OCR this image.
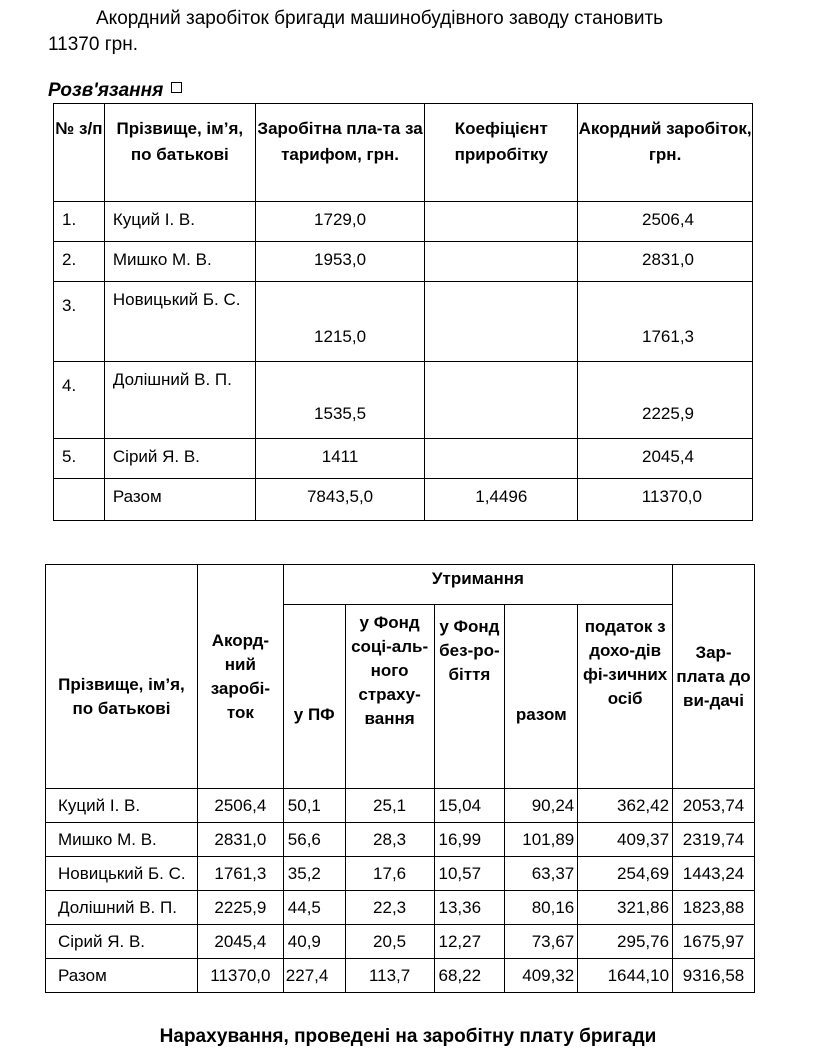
Акордний заробіток бригади машинобудівного заводу становить

11370 грн.

Розв'язання

№ з/п	Прізвище, ім’я, по батькові	Заробітна пла-та за тарифом, грн.	Коефіцієнт приробітку	Акордний заробіток, грн.
1.	Куций І. В.	1729,0		2506,4
2.	Мишко М. В.	1953,0		2831,0
3.	Новицький Б. С.	1215,0		1761,3
4.	Долішний В. П.	1535,5		2225,9
5.	Сірий Я. В.	1411		2045,4
	Разом	7843,5,0	1,4496	11370,0
Прізвище, ім’я, по батькові	Акорд-ний заробі-ток	Утримання					Зар-плата до ви-дачі
		у ПФ	у Фонд соці-аль-ного страху-вання	у Фонд без-ро-біття	разом	податок з дохо-дів фі-зичних осіб	
Куций І. В.	2506,4	50,1	25,1	15,04	90,24	362,42	2053,74
Мишко М. В.	2831,0	56,6	28,3	16,99	101,89	409,37	2319,74
Новицький Б. С.	1761,3	35,2	17,6	10,57	63,37	254,69	1443,24
Долішний В. П.	2225,9	44,5	22,3	13,36	80,16	321,86	1823,88
Сірий Я. В.	2045,4	40,9	20,5	12,27	73,67	295,76	1675,97
Разом	11370,0	227,4	113,7	68,22	409,32	1644,10	9316,58

Нарахування, проведені на заробітну плату бригади
